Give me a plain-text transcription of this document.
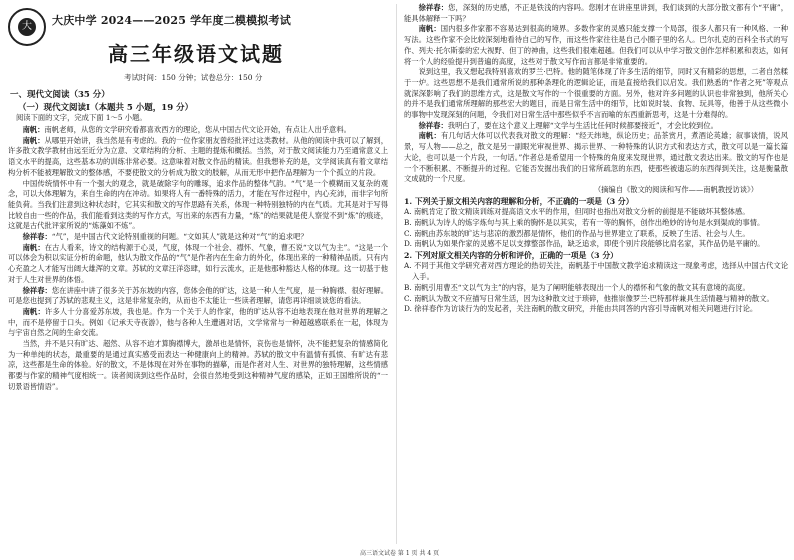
大	大庆中学 2024——2025 学年度二模模拟考试
高三年级语文试题
考试时间：150 分钟；试卷总分：150 分
一、现代文阅读（35 分）
（一）现代文阅读Ⅰ（本题共 5 小题，19 分）
阅读下面的文字，完成下面 1～5 小题。

南帆：南帆老师，从您的文学研究看都喜欢西方的理论，您从中国古代文论开始，有点让人出乎意料。

南帆：从哪里开始讲，我当然是有考虑的。我的一位作家朋友曾经批评过这类教材。从他的阅读中我可以了解到，许多散文教学教材由远至近分为立意、文章结构的分析、主题的提炼和概括。当然，对于散文阅读能力乃至通常意义上语文水平的提高，这些基本功的训练非常必要。这意味着对散文作品的精读。但我想补充的是，文学阅读真有着文章结构分析不能被理解散文的整体感，不要使散文的分析成为散文的肢解，从而无形中把作品理解为一个个孤立的片段。

中国传统情怀中有一个强大的观念，就是破除字句的雕琢，追求作品的整体气韵。“气”是一个模糊而又复杂的观念，可以大体理解为，来自生命的内在冲动。如果将人有一番特殊的活力，才能在写作过程中，内心充沛，而非字句所能负荷。当我们注意到这种状态时，它其实和散文的写作思路有关系，体现一种特别独特的内在气质。尤其是对于写得比较自由一些的作品，我们能看到这类的写作方式，写出来的东西有力量，“炼”的结果就是使人察觉不到“炼”的痕迹，这就是古代批评家所说的“炼藻如不炼”。

徐祥春：“气”，是中国古代文论特别重视的问题。“文如其人”就是这种对“气”的追求吧？

南帆：在古人看来，诗文的结构源于心灵，气度，体现一个社会、襟怀、气象，曹丕说“文以气为主”。“这是一个可以体会为积以实证分析的命题，他认为散文作品的“气”是作者内在生命力的外化，体现出来的一种精神品质。只有内心充盈之人才能写出阔大雄浑的文章。苏轼的文章汪洋恣肆，如行云流水，正是他那种豁达人格的体现。这一切基于他对于人生对世界的体悟。

徐祥春：您在讲座中讲了很多关于苏东坡的内容，您体会他的旷达，这是一种人生气度，是一种胸襟、很好理解。可是您也提到了苏轼的悲观主义，这是非常复杂的，从而也不太能让一些读者理解，请您再详细谈谈您的看法。

南帆：许多人十分喜爱苏东坡，我也是。作为一个关于人的作家，他的旷达从容不迫地表现在他对世界的理解之中，而不是停留于口头。例如《记承天寺夜游》，他与各种人生遭遇对话，文学常常与一种超越感联系在一起，体现为与宇宙自然之间的生命交流。

当然，并不是只有旷达、超然、从容不迫才算胸襟博大，激昂也是情怀，哀伤也是情怀，决不能把复杂的情感简化为一种单纯的状态，最重要的是通过真实感受而表达一种健康向上的精神。苏轼的散文中有温情有孤愤、有旷达有悲凉，这些都是生命的体验。好的散文，不是体现在对外在事物的描摹，而是作者对人生、对世界的独特理解，这些情感都要与作家的精神气度相统一。读者阅读到这些作品时，会很自然地受到这种精神气度的感染，正如王国维所说的“一切景语皆情语”。

徐祥春：您，深刻的历史感，不正是铁浅的内容吗。您刚才在讲座里讲到，我们谈到的大部分散文都有个“平庸”，能具体解释一下吗？

南帆：国内很多作家都不容易达到很高的境界。多数作家的灵感只能支撑一个局部，很多人都只有一种风格、一种写法。这些作家不会比较深刻地看待自己的写作，而这些作家往往是自己小圈子里的名人。巴尔扎克的百科全书式的写作、列夫·托尔斯泰的宏大视野、但丁的神曲，这些我们很难超越。但我们可以从中学习散文创作怎样积累和表达，如何将一个人的经验提升到普遍的高度，这些对于散文写作而言都是非常重要的。

说到这里，我又想起我特别喜欢的罗兰·巴特。他的随笔体现了许多生活的细节，同时又有精彩的思想，二者自然糅于一炉。这些思想不是我们通常所说的那种条理化的逻辑论证，而是直接给我们以启发。我们熟悉的“作者之死”等观点就深深影响了我们的思维方式，这是散文写作的一个很重要的方面。另外，他对许多问题的认识也非常独到，他所关心的并不是我们通常所理解的那些宏大的题目，而是日常生活中的细节，比如说时装、食物、玩具等，他善于从这些微小的事物中发现深刻的问题，令我们对日常生活中那些似乎不言而喻的东西重新思考，这是十分难得的。

徐祥春：我明白了，要在这个意义上理解“文学与生活比任何时候都要接近”，才会比较到位。

南帆：有几句话大体可以代表我对散文的理解：“经天纬地，纵论历史；品茶赏月，煮酒论英雄；叙事谈情，说风景，写人物——总之，散文是另一副眼光审视世界、揭示世界、一种特殊的认识方式和表达方式，散文可以是一篇长篇大论，也可以是一个片段，一句话。”作者总是希望用一个特殊的角度来发现世界，通过散文表达出来。散文的写作也是一个不断积累、不断提升的过程。它能否发掘出我们的日常所疏忽的东西，使那些被遗忘的东西得到关注，这是衡量散文成就的一个尺度。

（摘编自《散文的阅读和写作——南帆教授访谈》）

1. 下列关于原文相关内容的理解和分析，不正确的一项是（3 分）

A. 南帆肯定了散文精读训练对提高语文水平的作用，但同时也指出对散文分析的前提是不能破坏其整体感。

B. 南帆认为诗人的炼字炼句与其上乘的胸怀是以其实，若有一等的胸怀，创作出绝妙的诗句是水到渠成的事情。

C. 南帆由苏东坡的旷达与悲凉的激烈都是情怀，他们的作品与世界建立了联系，反映了生活、社会与人生。

D. 南帆认为如果作家的灵感不足以支撑整部作品，缺乏追求，即使个别片段能够比肩名家，其作品仍是平庸的。

2. 下列对原文相关内容的分析和评价，正确的一项是（3 分）

A. 不同于其他文学研究者对西方理论的热切关注，南帆基于中国散文教学追求精读这一现象考虑，选择从中国古代文论入手。

B. 南帆引用曹丕“文以气为主”的内容，是为了阐明能够表现出一个人的襟怀和气象的散文其有意境的高度。

C. 南帆认为散文不应描写日常生活，因为这种散文过于琐碎，他推崇像罗兰·巴特那样兼具生活情趣与精神的散文。

D. 徐祥春作为访谈行为的发起者，关注南帆的散文研究，并能由共同答的内容引导南帆对相关问题进行讨论。

高三语文试卷 第 1 页 共 4 页
